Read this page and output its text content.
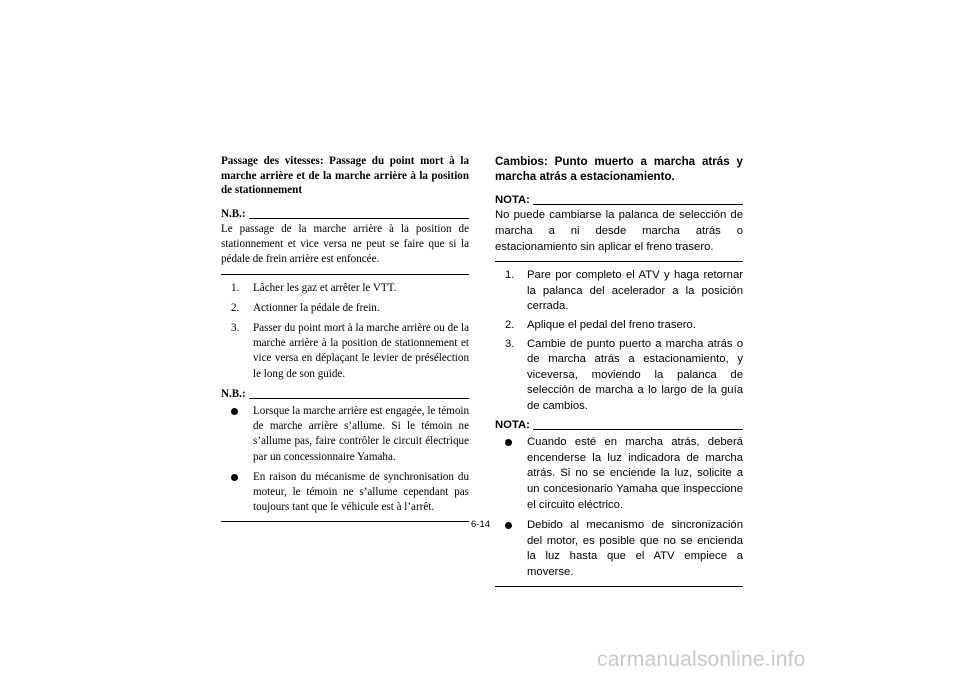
Passage des vitesses: Passage du point mort à la marche arrière et de la marche arrière à la position de stationnement

N.B.:

Le passage de la marche arrière à la position de stationnement et vice versa ne peut se faire que si la pédale de frein arrière est enfoncée.

1.	Lâcher les gaz et arrêter le VTT.
2.	Actionner la pédale de frein.
3.	Passer du point mort à la marche arrière ou de la marche arrière à la position de stationnement et vice versa en déplaçant le levier de présélection le long de son guide.
N.B.:
Lorsque la marche arrière est engagée, le témoin de marche arrière s’allume. Si le témoin ne s’allume pas, faire contrôler le circuit électrique par un concessionnaire Yamaha.
En raison du mécanisme de synchronisation du moteur, le témoin ne s’allume cependant pas toujours tant que le véhicule est à l’arrêt.

Cambios: Punto muerto a marcha atrás y marcha atrás a estacionamiento.

NOTA:

No puede cambiarse la palanca de selección de marcha a ni desde marcha atrás o estacionamiento sin aplicar el freno trasero.

1.	Pare por completo el ATV y haga retornar la palanca del acelerador a la posición cerrada.
2.	Aplique el pedal del freno trasero.
3.	Cambie de punto puerto a marcha atrás o de marcha atrás a estacionamiento, y viceversa, moviendo la palanca de selección de marcha a lo largo de la guía de cambios.
NOTA:
Cuando esté en marcha atrás, deberá encenderse la luz indicadora de marcha atrás. Si no se enciende la luz, solicite a un concesionario Yamaha que inspeccione el circuito eléctrico.
Debido al mecanismo de sincronización del motor, es posible que no se encienda la luz hasta que el ATV empiece a moverse.
6-14
carmanualsonline.info
